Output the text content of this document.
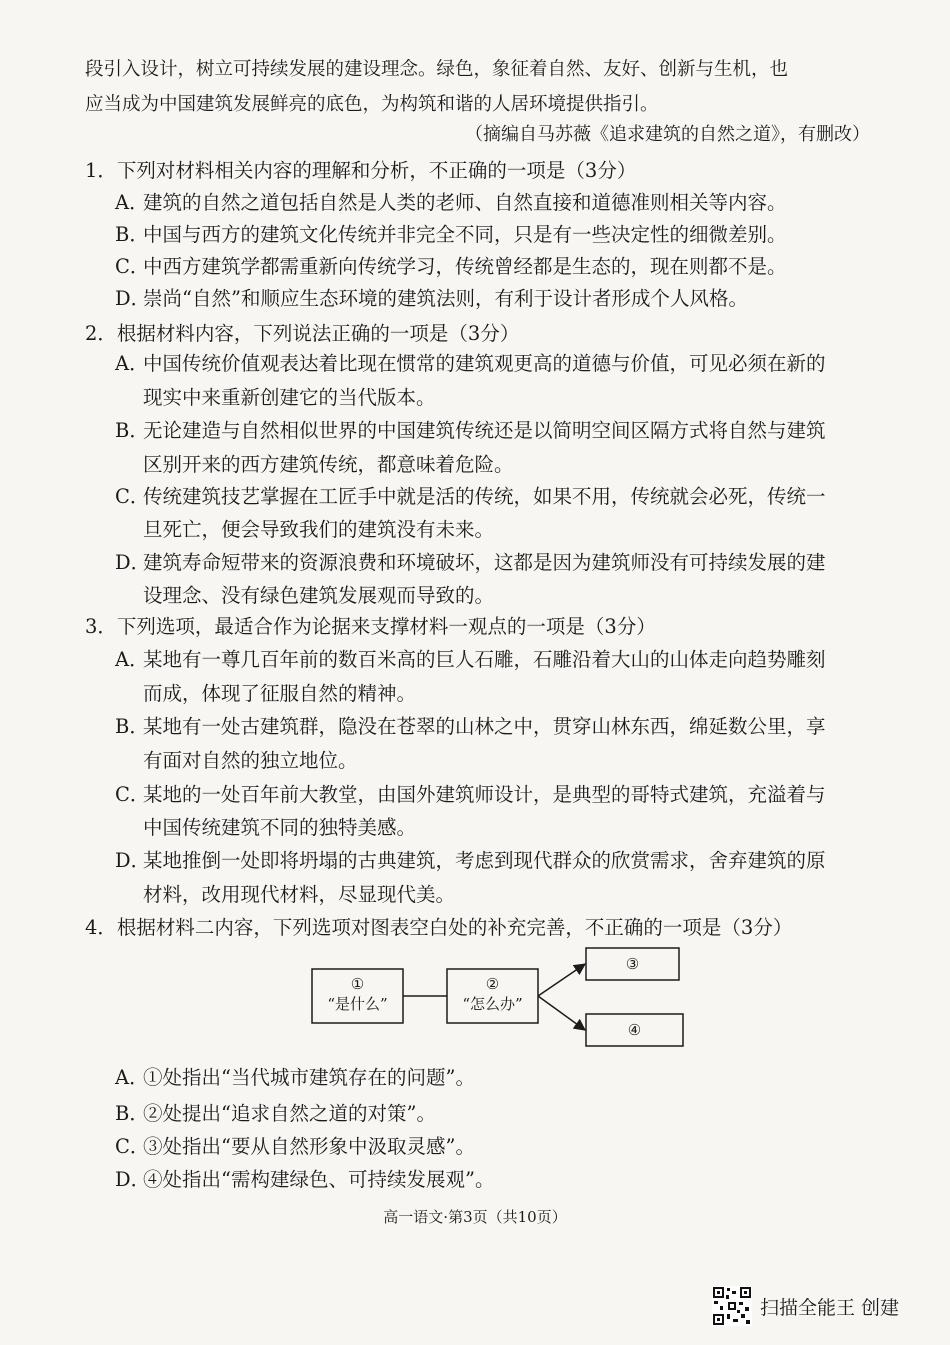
段引入设计，树立可持续发展的建设理念。绿色，象征着自然、友好、创新与生机，也
应当成为中国建筑发展鲜亮的底色，为构筑和谐的人居环境提供指引。
（摘编自马苏薇《追求建筑的自然之道》，有删改）
1．下列对材料相关内容的理解和分析，不正确的一项是（3分）
A．建筑的自然之道包括自然是人类的老师、自然直接和道德准则相关等内容。
B．中国与西方的建筑文化传统并非完全不同，只是有一些决定性的细微差别。
C．中西方建筑学都需重新向传统学习，传统曾经都是生态的，现在则都不是。
D．崇尚“自然”和顺应生态环境的建筑法则，有利于设计者形成个人风格。
2．根据材料内容，下列说法正确的一项是（3分）
A．中国传统价值观表达着比现在惯常的建筑观更高的道德与价值，可见必须在新的
现实中来重新创建它的当代版本。
B．无论建造与自然相似世界的中国建筑传统还是以简明空间区隔方式将自然与建筑
区别开来的西方建筑传统，都意味着危险。
C．传统建筑技艺掌握在工匠手中就是活的传统，如果不用，传统就会必死，传统一
旦死亡，便会导致我们的建筑没有未来。
D．建筑寿命短带来的资源浪费和环境破坏，这都是因为建筑师没有可持续发展的建
设理念、没有绿色建筑发展观而导致的。
3．下列选项，最适合作为论据来支撑材料一观点的一项是（3分）
A．某地有一尊几百年前的数百米高的巨人石雕，石雕沿着大山的山体走向趋势雕刻
而成，体现了征服自然的精神。
B．某地有一处古建筑群，隐没在苍翠的山林之中，贯穿山林东西，绵延数公里，享
有面对自然的独立地位。
C．某地的一处百年前大教堂，由国外建筑师设计，是典型的哥特式建筑，充溢着与
中国传统建筑不同的独特美感。
D．某地推倒一处即将坍塌的古典建筑，考虑到现代群众的欣赏需求，舍弃建筑的原
材料，改用现代材料，尽显现代美。
4．根据材料二内容，下列选项对图表空白处的补充完善，不正确的一项是（3分）
①
“是什么”
②
“怎么办”
③
④
A．①处指出“当代城市建筑存在的问题”。
B．②处提出“追求自然之道的对策”。
C．③处指出“要从自然形象中汲取灵感”。
D．④处指出“需构建绿色、可持续发展观”。
高一语文·第3页（共10页）
扫描全能王 创建
